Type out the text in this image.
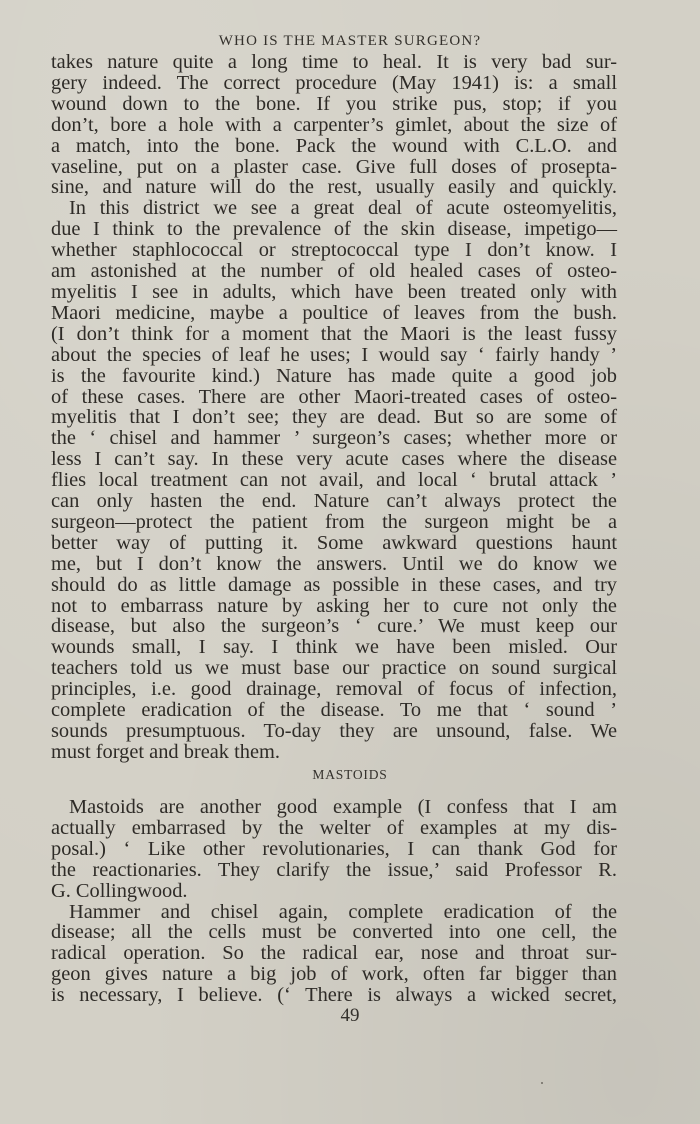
WHO IS THE MASTER SURGEON?
takes nature quite a long time to heal. It is very bad sur-
gery indeed. The correct procedure (May 1941) is: a small
wound down to the bone. If you strike pus, stop; if you
don’t, bore a hole with a carpenter’s gimlet, about the size of
a match, into the bone. Pack the wound with C.L.O. and
vaseline, put on a plaster case. Give full doses of prosepta-
sine, and nature will do the rest, usually easily and quickly.
In this district we see a great deal of acute osteomyelitis,
due I think to the prevalence of the skin disease, impetigo—
whether staphlococcal or streptococcal type I don’t know. I
am astonished at the number of old healed cases of osteo-
myelitis I see in adults, which have been treated only with
Maori medicine, maybe a poultice of leaves from the bush.
(I don’t think for a moment that the Maori is the least fussy
about the species of leaf he uses; I would say ‘ fairly handy ’
is the favourite kind.) Nature has made quite a good job
of these cases. There are other Maori-treated cases of osteo-
myelitis that I don’t see; they are dead. But so are some of
the ‘ chisel and hammer ’ surgeon’s cases; whether more or
less I can’t say. In these very acute cases where the disease
flies local treatment can not avail, and local ‘ brutal attack ’
can only hasten the end. Nature can’t always protect the
surgeon—protect the patient from the surgeon might be a
better way of putting it. Some awkward questions haunt
me, but I don’t know the answers. Until we do know we
should do as little damage as possible in these cases, and try
not to embarrass nature by asking her to cure not only the
disease, but also the surgeon’s ‘ cure.’ We must keep our
wounds small, I say. I think we have been misled. Our
teachers told us we must base our practice on sound surgical
principles, i.e. good drainage, removal of focus of infection,
complete eradication of the disease. To me that ‘ sound ’
sounds presumptuous. To-day they are unsound, false. We
must forget and break them.
MASTOIDS
Mastoids are another good example (I confess that I am
actually embarrased by the welter of examples at my dis-
posal.) ‘ Like other revolutionaries, I can thank God for
the reactionaries. They clarify the issue,’ said Professor R.
G. Collingwood.
Hammer and chisel again, complete eradication of the
disease; all the cells must be converted into one cell, the
radical operation. So the radical ear, nose and throat sur-
geon gives nature a big job of work, often far bigger than
is necessary, I believe. (‘ There is always a wicked secret,
49
